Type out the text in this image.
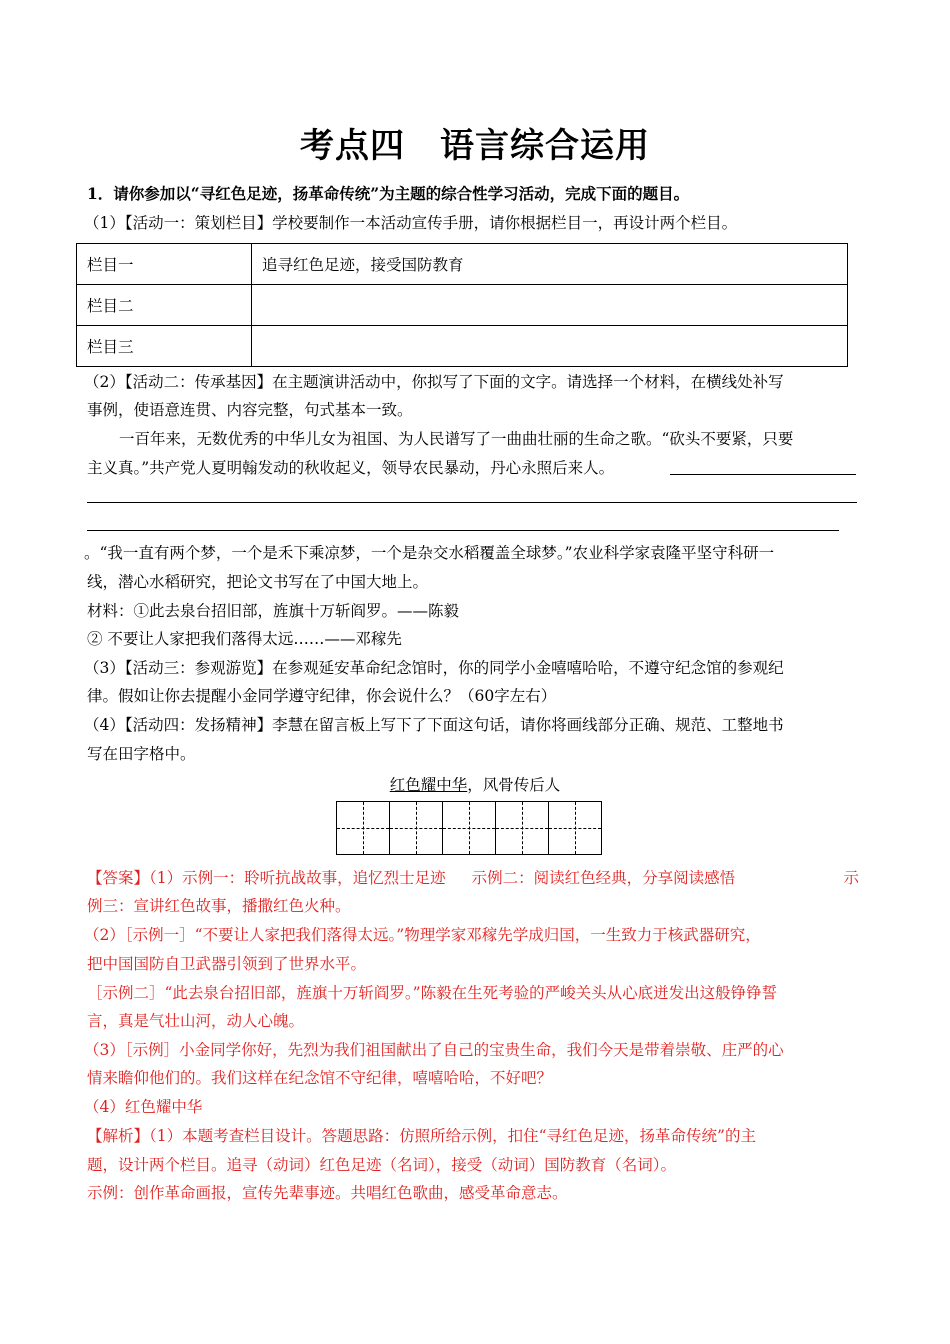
考点四　语言综合运用
1．请你参加以“寻红色足迹，扬革命传统”为主题的综合性学习活动，完成下面的题目。
（1）【活动一：策划栏目】学校要制作一本活动宣传手册，请你根据栏目一，再设计两个栏目。
栏目一	追寻红色足迹，接受国防教育
栏目二	
栏目三	
（2）【活动二：传承基因】在主题演讲活动中，你拟写了下面的文字。请选择一个材料，在横线处补写
事例，使语意连贯、内容完整，句式基本一致。
一百年来，无数优秀的中华儿女为祖国、为人民谱写了一曲曲壮丽的生命之歌。“砍头不要紧，只要
主义真。”共产党人夏明翰发动的秋收起义，领导农民暴动，丹心永照后来人。
。“我一直有两个梦，一个是禾下乘凉梦，一个是杂交水稻覆盖全球梦。”农业科学家袁隆平坚守科研一
线，潜心水稻研究，把论文书写在了中国大地上。
材料：①此去泉台招旧部，旌旗十万斩阎罗。——陈毅
② 不要让人家把我们落得太远……——邓稼先
（3）【活动三：参观游览】在参观延安革命纪念馆时，你的同学小金嘻嘻哈哈，不遵守纪念馆的参观纪
律。假如让你去提醒小金同学遵守纪律，你会说什么？（60字左右）
（4）【活动四：发扬精神】李慧在留言板上写下了下面这句话，请你将画线部分正确、规范、工整地书
写在田字格中。
红色耀中华，风骨传后人
【答案】（1）示例一：聆听抗战故事，追忆烈士足迹 示例二：阅读红色经典，分享阅读感悟	示
例三：宣讲红色故事，播撒红色火种。
（2）［示例一］“不要让人家把我们落得太远。”物理学家邓稼先学成归国，一生致力于核武器研究，
把中国国防自卫武器引领到了世界水平。
［示例二］“此去泉台招旧部，旌旗十万斩阎罗。”陈毅在生死考验的严峻关头从心底迸发出这般铮铮誓
言，真是气壮山河，动人心魄。
（3）［示例］小金同学你好，先烈为我们祖国献出了自己的宝贵生命，我们今天是带着崇敬、庄严的心
情来瞻仰他们的。我们这样在纪念馆不守纪律，嘻嘻哈哈，不好吧？
（4）红色耀中华
【解析】（1）本题考查栏目设计。答题思路：仿照所给示例，扣住“寻红色足迹，扬革命传统”的主
题，设计两个栏目。追寻（动词）红色足迹（名词），接受（动词）国防教育（名词）。
示例：创作革命画报，宣传先辈事迹。共唱红色歌曲，感受革命意志。
